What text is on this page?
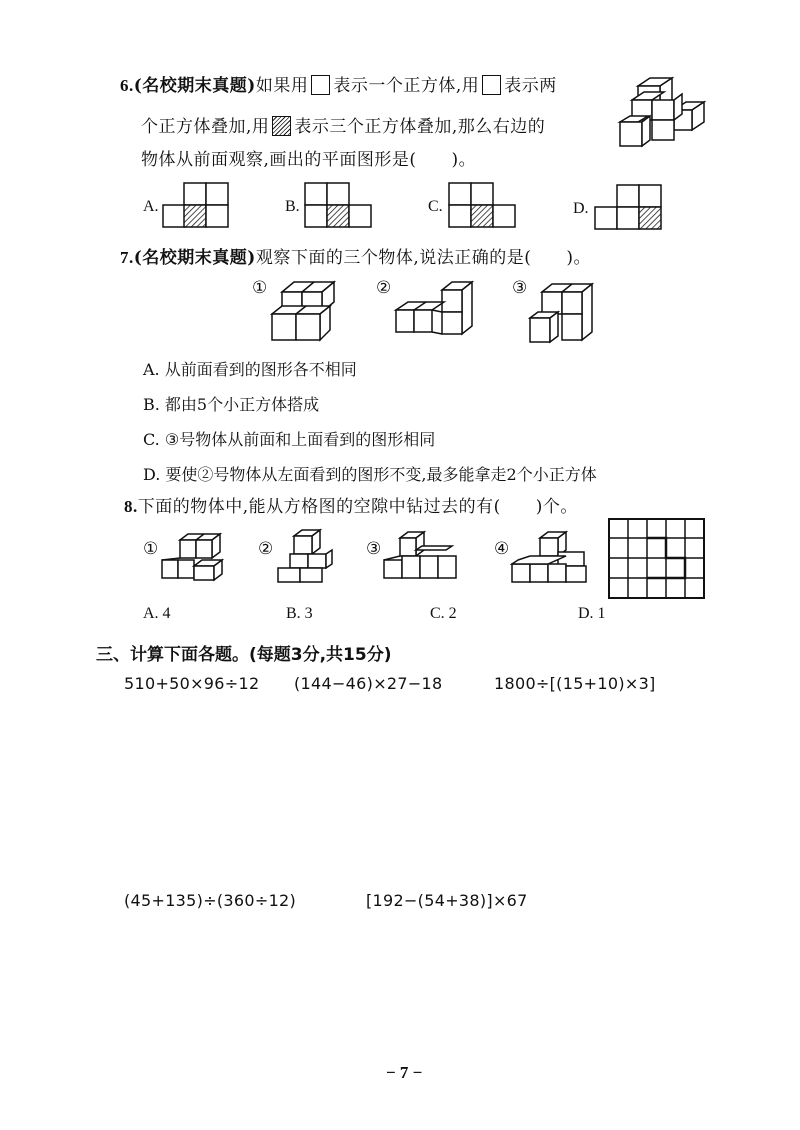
6.(名校期末真题)如果用 表示一个正方体,用 表示两
个正方体叠加,用 表示三个正方体叠加,那么右边的
物体从前面观察,画出的平面图形是(　　)。
A.	B.	C.	D.
7.(名校期末真题)观察下面的三个物体,说法正确的是(　　)。
①	②	③
A. 从前面看到的图形各不相同
B. 都由5个小正方体搭成
C. ③号物体从前面和上面看到的图形相同
D. 要使②号物体从左面看到的图形不变,最多能拿走2个小正方体
8.下面的物体中,能从方格图的空隙中钻过去的有(　　)个。
①	②	③	④
A. 4	B. 3	C. 2	D. 1
三、计算下面各题。(每题3分,共15分)
510+50×96÷12 (144−46)×27−18	1800÷[(15+10)×3]
(45+135)÷(360÷12)	[192−(54+38)]×67
− 7 −
